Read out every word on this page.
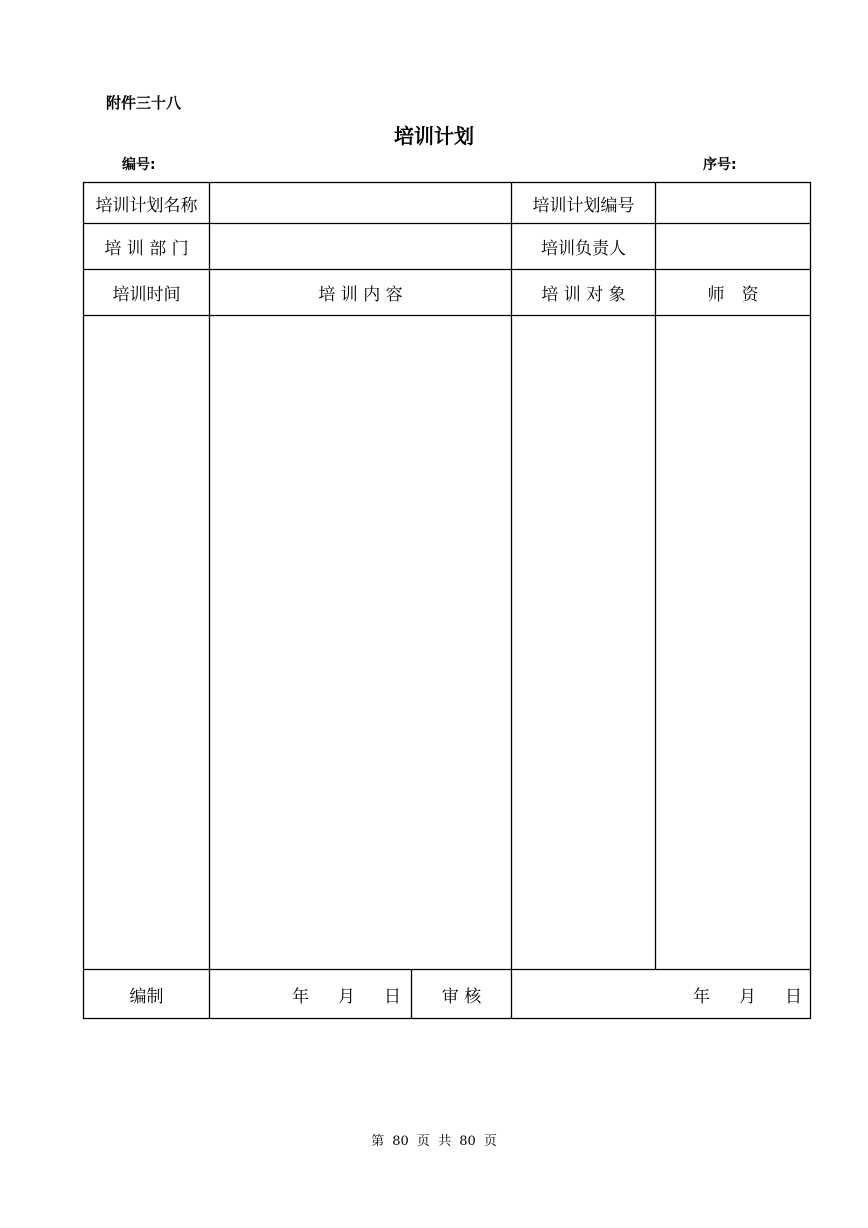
附件三十八
培训计划
编号:	序号:
培训计划名称	培训计划编号
培 训 部 门	培训负责人
培训时间	培 训 内 容	培 训 对 象	师　资
编制	年 月 日	审 核	年 月 日
第 80 页 共 80 页
